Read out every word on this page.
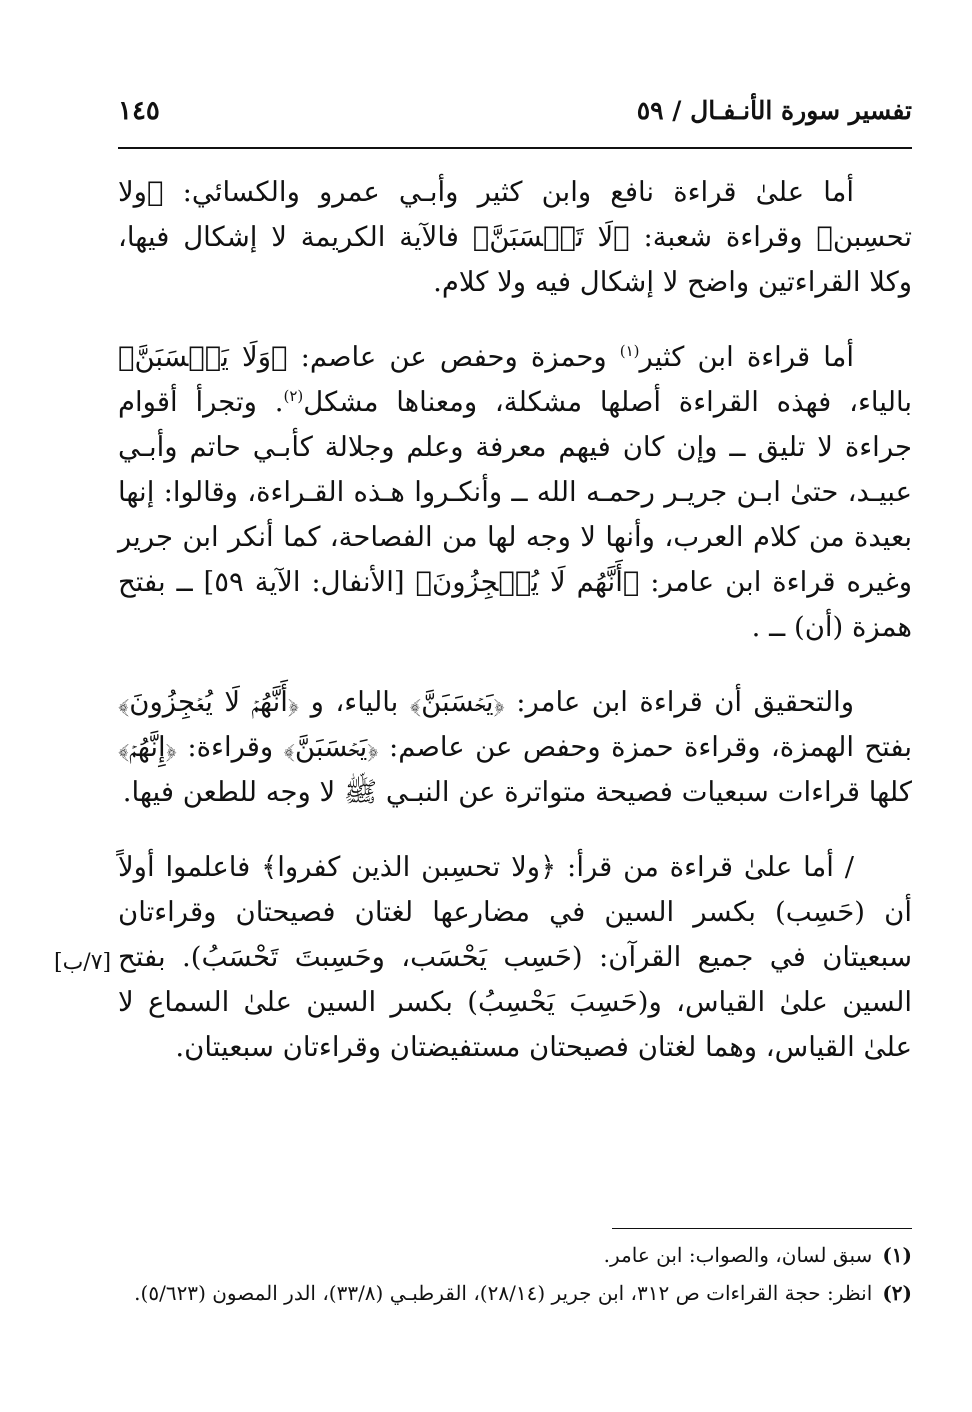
تفسير سورة الأنـفـال / ٥٩
١٤٥

أما علىٰ قراءة نافع وابن كثير وأبـي عمرو والكسائي: ﴿ولا تحسِبن﴾ وقراءة شعبة: ﴿لَا تَحۡسَبَنَّ﴾ فالآية الكريمة لا إشكال فيها، وكلا القراءتين واضح لا إشكال فيه ولا كلام.

أما قراءة ابن كثير$^{(١)}$ وحمزة وحفص عن عاصم: ﴿وَلَا يَحۡسَبَنَّ﴾ بالياء، فهذه القراءة أصلها مشكلة، ومعناها مشكل$^{(٢)}$. وتجرأ أقوام جراءة لا تليق ــ وإن كان فيهم معرفة وعلم وجلالة كأبـي حاتم وأبـي عبيـد، حتىٰ ابـن جريـر رحمـه الله ــ وأنكـروا هـذه القـراءة، وقالوا: إنها بعيدة من كلام العرب، وأنها لا وجه لها من الفصاحة، كما أنكر ابن جرير وغيره قراءة ابن عامر: ﴿أَنَّهُم لَا يُعۡجِزُونَ﴾ [الأنفال: الآية ٥٩] ــ بفتح همزة (أن) ــ .

والتحقيق أن قراءة ابن عامر: ﴿يَحۡسَبَنَّ﴾ بالياء، و ﴿أَنَّهُمۡ لَا يُعۡجِزُونَ﴾ بفتح الهمزة، وقراءة حمزة وحفص عن عاصم: ﴿يَحۡسَبَنَّ﴾ وقراءة: ﴿إِنَّهُمۡ﴾ كلها قراءات سبعيات فصيحة متواترة عن النبـي ﷺ لا وجه للطعن فيها.

/ أما علىٰ قراءة من قرأ: ﴿ولا تحسِبن الذين كفروا﴾ فاعلموا أولاً أن (حَسِب) بكسر السين في مضارعها لغتان فصيحتان وقراءتان سبعيتان في جميع القرآن: (حَسِب يَحْسَب، وحَسِبتَ تَحْسَبُ). بفتح السين علىٰ القياس، و(حَسِبَ يَحْسِبُ) بكسر السين علىٰ السماع لا علىٰ القياس، وهما لغتان فصيحتان مستفيضتان وقراءتان سبعيتان.

[٧/ب]

(١)سبق لسان، والصواب: ابن عامر.

(٢)انظر: حجة القراءات ص ٣١٢، ابن جرير (٢٨/١٤)، القرطبـي (٣٣/٨)، الدر المصون (٥/٦٢٣).
